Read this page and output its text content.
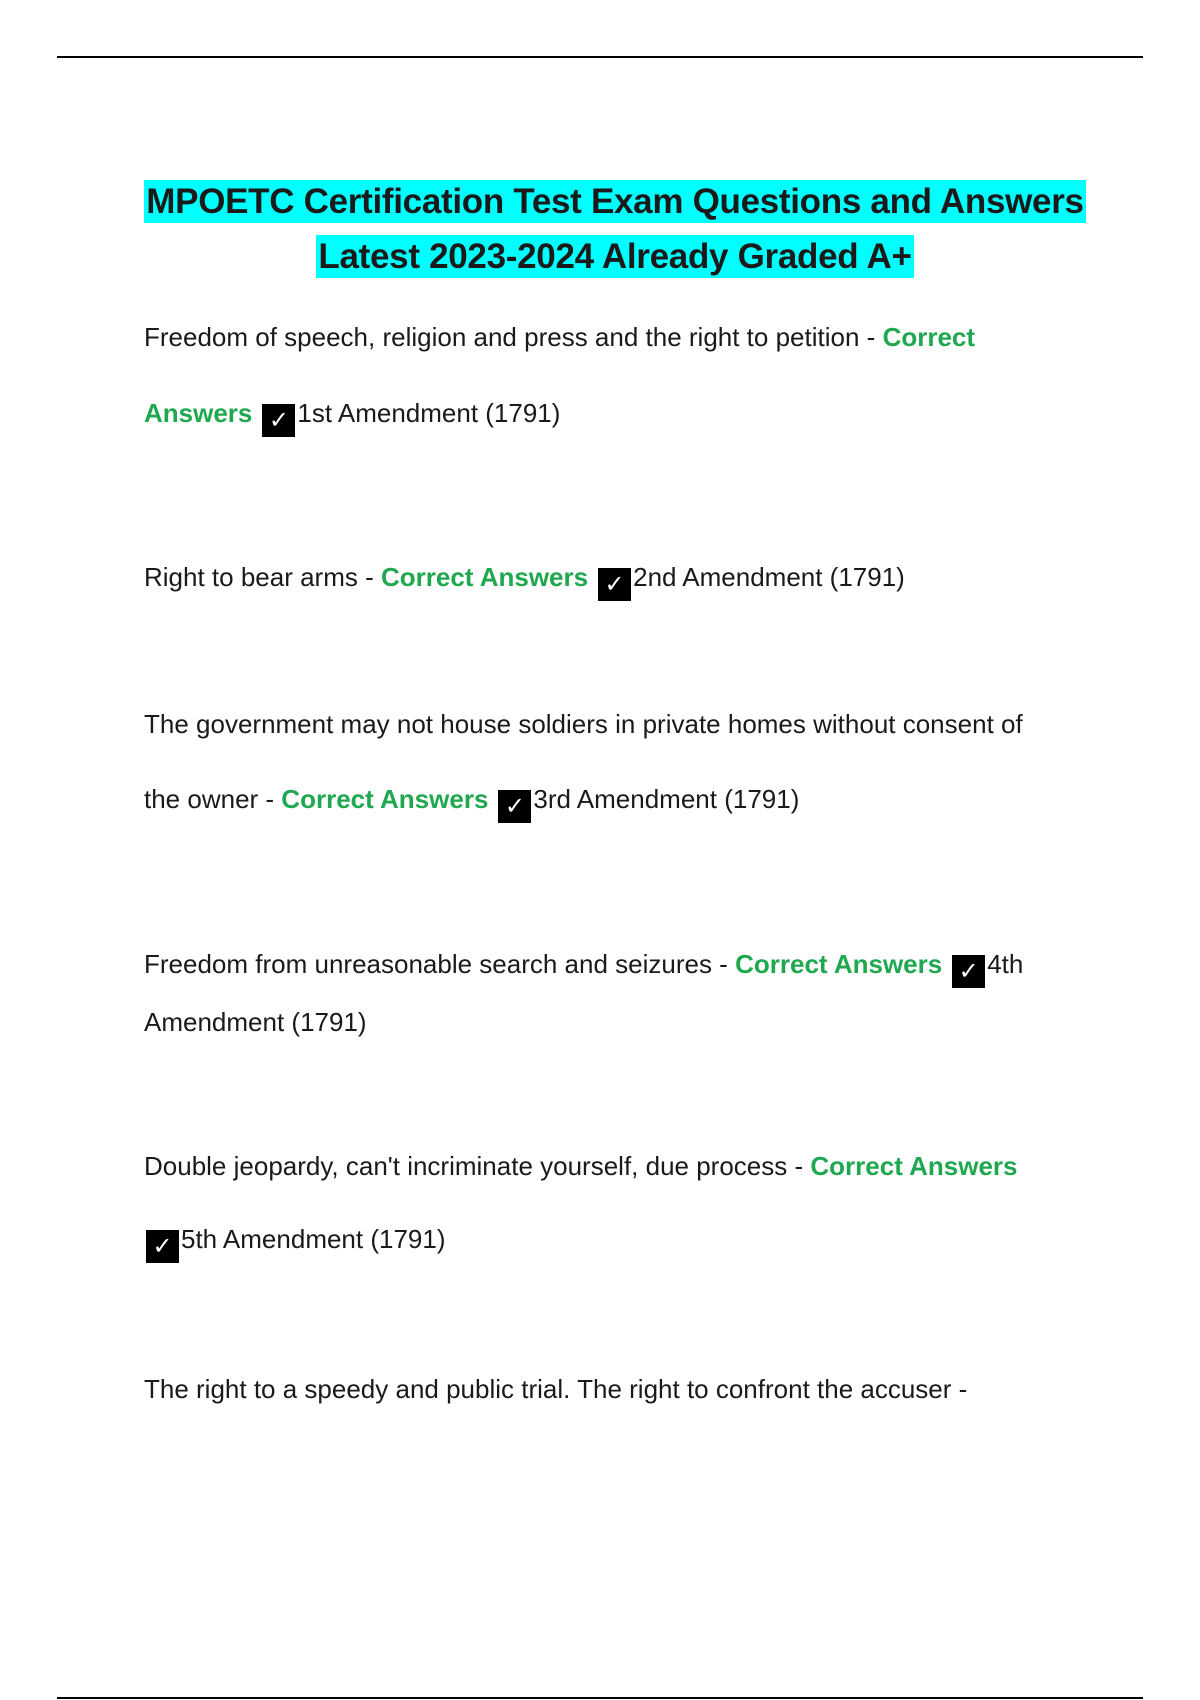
MPOETC Certification Test Exam Questions and Answers
Latest 2023-2024 Already Graded A+
Freedom of speech, religion and press and the right to petition - Correct
Answers ✓ 1st Amendment (1791)
Right to bear arms - Correct Answers ✓ 2nd Amendment (1791)
The government may not house soldiers in private homes without consent of
the owner - Correct Answers ✓ 3rd Amendment (1791)
Freedom from unreasonable search and seizures - Correct Answers ✓ 4th
Amendment (1791)
Double jeopardy, can't incriminate yourself, due process - Correct Answers
✓ 5th Amendment (1791)
The right to a speedy and public trial. The right to confront the accuser -
